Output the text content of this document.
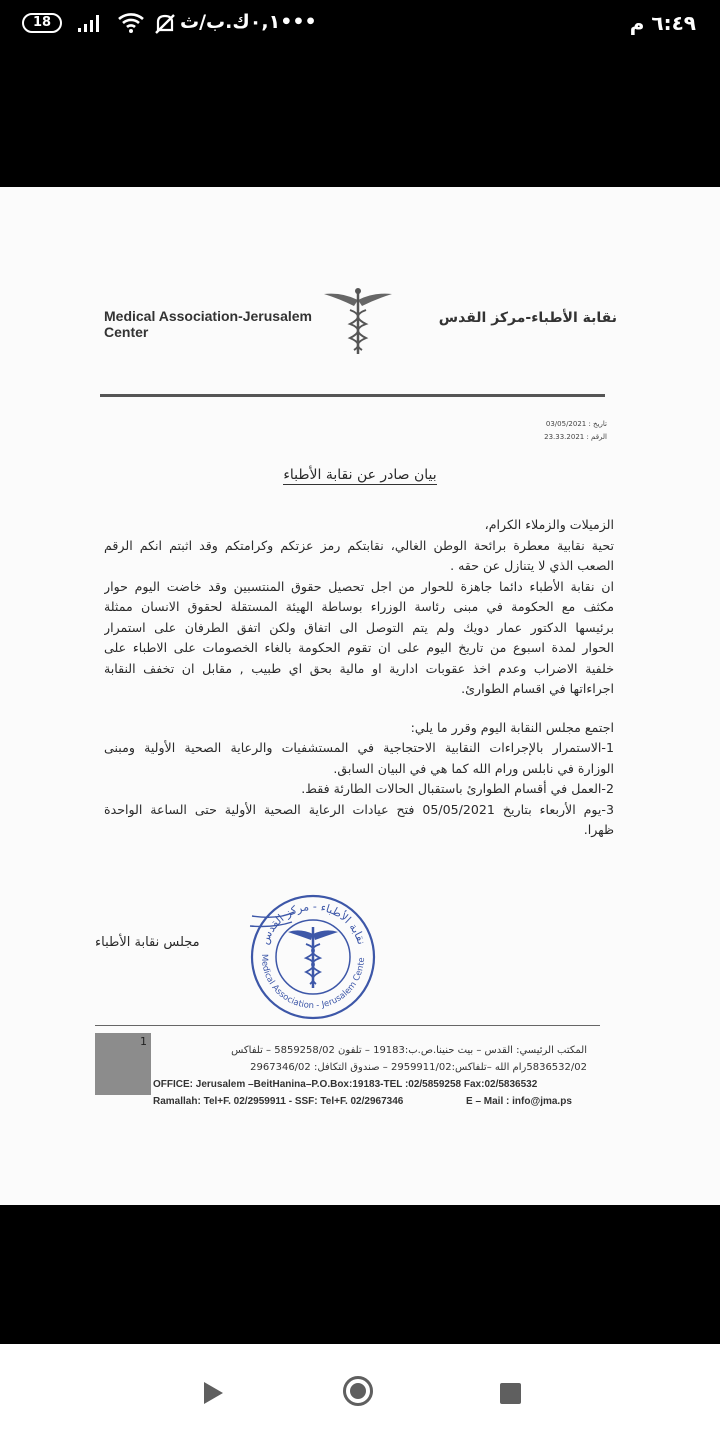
18	•••٠,١ك.ب/ث	٦:٤٩ م
Medical Association-Jerusalem Center
نقابة الأطباء-مركز القدس
تاريخ : 03/05/2021
الرقم : 23.33.2021
بيان صادر عن نقابة الأطباء
الزميلات والزملاء الكرام،
تحية نقابية معطرة برائحة الوطن الغالي، نقابتكم رمز عزتكم وكرامتكم وقد اثبتم انكم الرقم
الصعب الذي لا يتنازل عن حقه .
ان نقابة الأطباء دائما جاهزة للحوار من اجل تحصيل حقوق المنتسبين وقد خاضت اليوم حوار
مكثف مع الحكومة في مبنى رئاسة الوزراء بوساطة الهيئة المستقلة لحقوق الانسان ممثلة
برئيسها الدكتور عمار دويك ولم يتم التوصل الى اتفاق ولكن اتفق الطرفان على استمرار
الحوار لمدة اسبوع من تاريخ اليوم على ان تقوم الحكومة بالغاء الخصومات على الاطباء على
خلفية الاضراب وعدم اخذ عقوبات ادارية او مالية بحق اي طبيب , مقابل ان تخفف النقابة
اجراءاتها في اقسام الطوارئ.
اجتمع مجلس النقابة اليوم وقرر ما يلي:
1-الاستمرار بالإجراءات النقابية الاحتجاجية في المستشفيات والرعاية الصحية الأولية ومبنى
الوزارة في نابلس ورام الله كما هي في البيان السابق.
2-العمل في أقسام الطوارئ باستقبال الحالات الطارئة فقط.
3-يوم الأربعاء بتاريخ 05/05/2021 فتح عيادات الرعاية الصحية الأولية حتى الساعة الواحدة
ظهرا.
مجلس نقابة الأطباء	نقابة الأطباء - مركز القدس
Medical Association - Jerusalem Cente
1
المكتب الرئيسي: القدس – بيت حنينا.ص.ب:19183 – تلفون 5859258/02 – تلفاكس
5836532/02رام الله –تلفاكس:2959911/02 – صندوق التكافل: 2967346/02
OFFICE: Jerusalem –BeitHanina–P.O.Box:19183-TEL :02/5859258 Fax:02/5836532
Ramallah: Tel+F. 02/2959911 - SSF: Tel+F. 02/2967346	E – Mail : info@jma.ps
